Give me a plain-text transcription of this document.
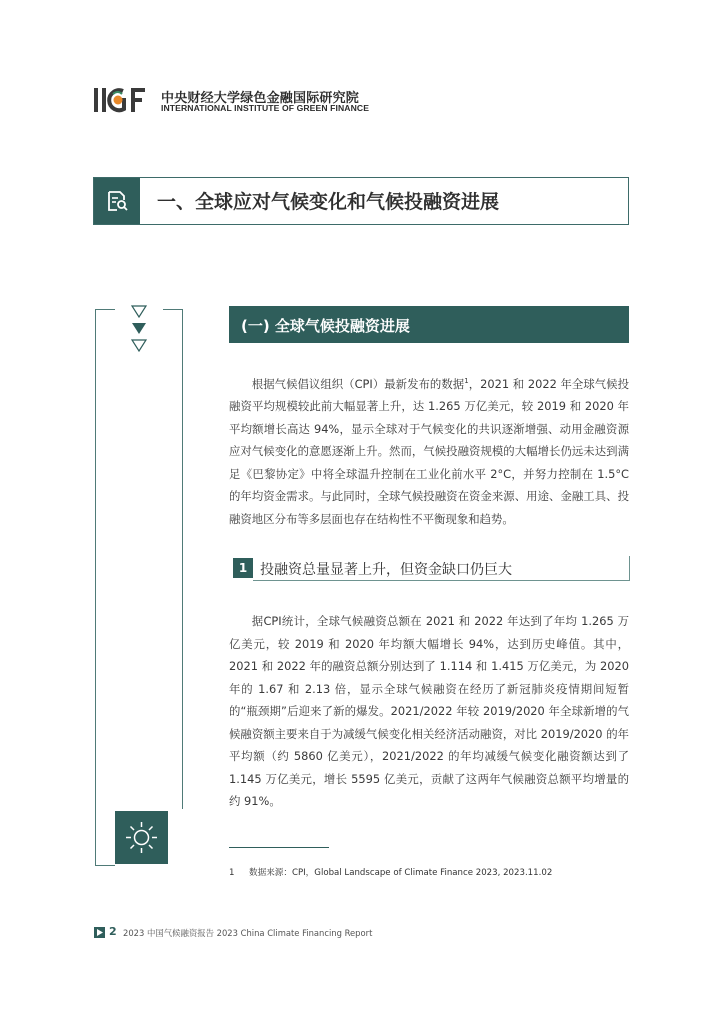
中央财经大学绿色金融国际研究院
INTERNATIONAL INSTITUTE OF GREEN FINANCE
一、全球应对气候变化和气候投融资进展
(一) 全球气候投融资进展

根据气候倡议组织（CPI）最新发布的数据$^1$，2021 和 2022 年全球气候投融资平均规模较此前大幅显著上升，达 1.265 万亿美元，较 2019 和 2020 年平均额增长高达 94%，显示全球对于气候变化的共识逐渐增强、动用金融资源应对气候变化的意愿逐渐上升。然而，气候投融资规模的大幅增长仍远未达到满足《巴黎协定》中将全球温升控制在工业化前水平 2°C，并努力控制在 1.5°C 的年均资金需求。与此同时，全球气候投融资在资金来源、用途、金融工具、投融资地区分布等多层面也存在结构性不平衡现象和趋势。

1 投融资总量显著上升，但资金缺口仍巨大

据CPI统计，全球气候融资总额在 2021 和 2022 年达到了年均 1.265 万亿美元，较 2019 和 2020 年均额大幅增长 94%，达到历史峰值。其中，2021 和 2022 年的融资总额分别达到了 1.114 和 1.415 万亿美元，为 2020 年的 1.67 和 2.13 倍，显示全球气候融资在经历了新冠肺炎疫情期间短暂的“瓶颈期”后迎来了新的爆发。2021/2022 年较 2019/2020 年全球新增的气候融资额主要来自于为减缓气候变化相关经济活动融资，对比 2019/2020 的年平均额（约 5860 亿美元），2021/2022 的年均减缓气候变化融资额达到了 1.145 万亿美元，增长 5595 亿美元，贡献了这两年气候融资总额平均增量的约 91%。

1 数据来源：CPI，Global Landscape of Climate Finance 2023, 2023.11.02
2 2023 中国气候融资报告 2023 China Climate Financing Report
